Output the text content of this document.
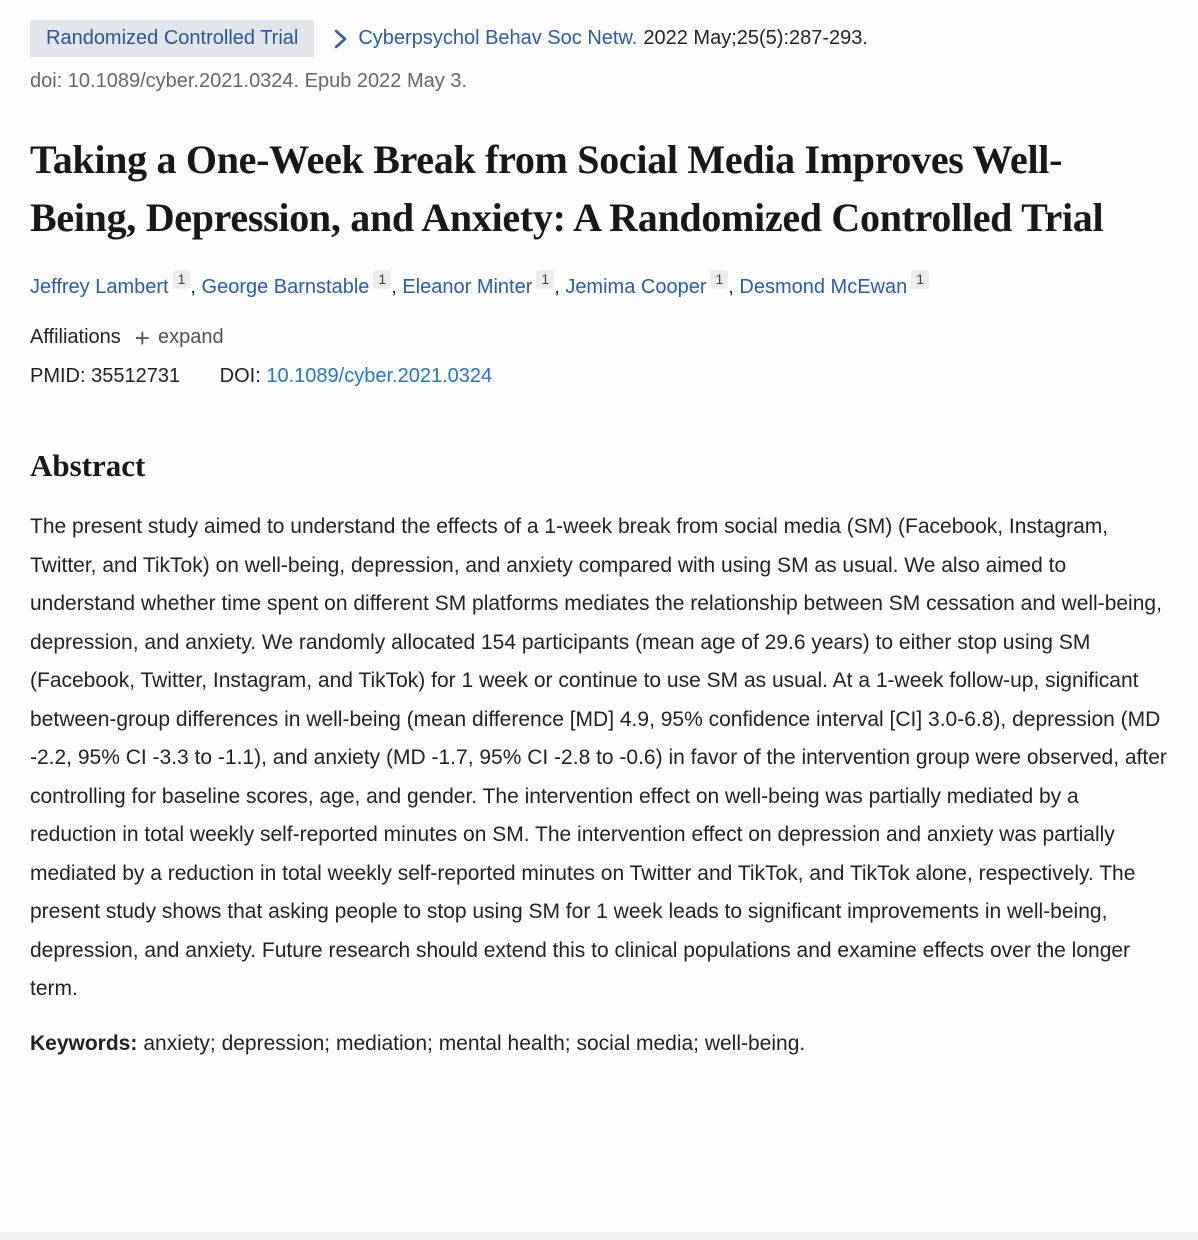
Randomized Controlled Trial	Cyberpsychol Behav Soc Netw. 2022 May;25(5):287-293.
doi: 10.1089/cyber.2021.0324. Epub 2022 May 3.
Taking a One-Week Break from Social Media Improves Well-Being, Depression, and Anxiety: A Randomized Controlled Trial
Jeffrey Lambert 1 , George Barnstable 1 , Eleanor Minter 1 , Jemima Cooper 1 , Desmond McEwan 1
Affiliations + expand
PMID: 35512731 DOI: 10.1089/cyber.2021.0324
Abstract

The present study aimed to understand the effects of a 1-week break from social media (SM) (Facebook, Instagram, Twitter, and TikTok) on well-being, depression, and anxiety compared with using SM as usual. We also aimed to understand whether time spent on different SM platforms mediates the relationship between SM cessation and well-being, depression, and anxiety. We randomly allocated 154 participants (mean age of 29.6 years) to either stop using SM (Facebook, Twitter, Instagram, and TikTok) for 1 week or continue to use SM as usual. At a 1-week follow-up, significant between-group differences in well-being (mean difference [MD] 4.9, 95% confidence interval [CI] 3.0-6.8), depression (MD -2.2, 95% CI -3.3 to -1.1), and anxiety (MD -1.7, 95% CI -2.8 to -0.6) in favor of the intervention group were observed, after controlling for baseline scores, age, and gender. The intervention effect on well-being was partially mediated by a reduction in total weekly self-reported minutes on SM. The intervention effect on depression and anxiety was partially mediated by a reduction in total weekly self-reported minutes on Twitter and TikTok, and TikTok alone, respectively. The present study shows that asking people to stop using SM for 1 week leads to significant improvements in well-being, depression, and anxiety. Future research should extend this to clinical populations and examine effects over the longer term.

Keywords: anxiety; depression; mediation; mental health; social media; well-being.
